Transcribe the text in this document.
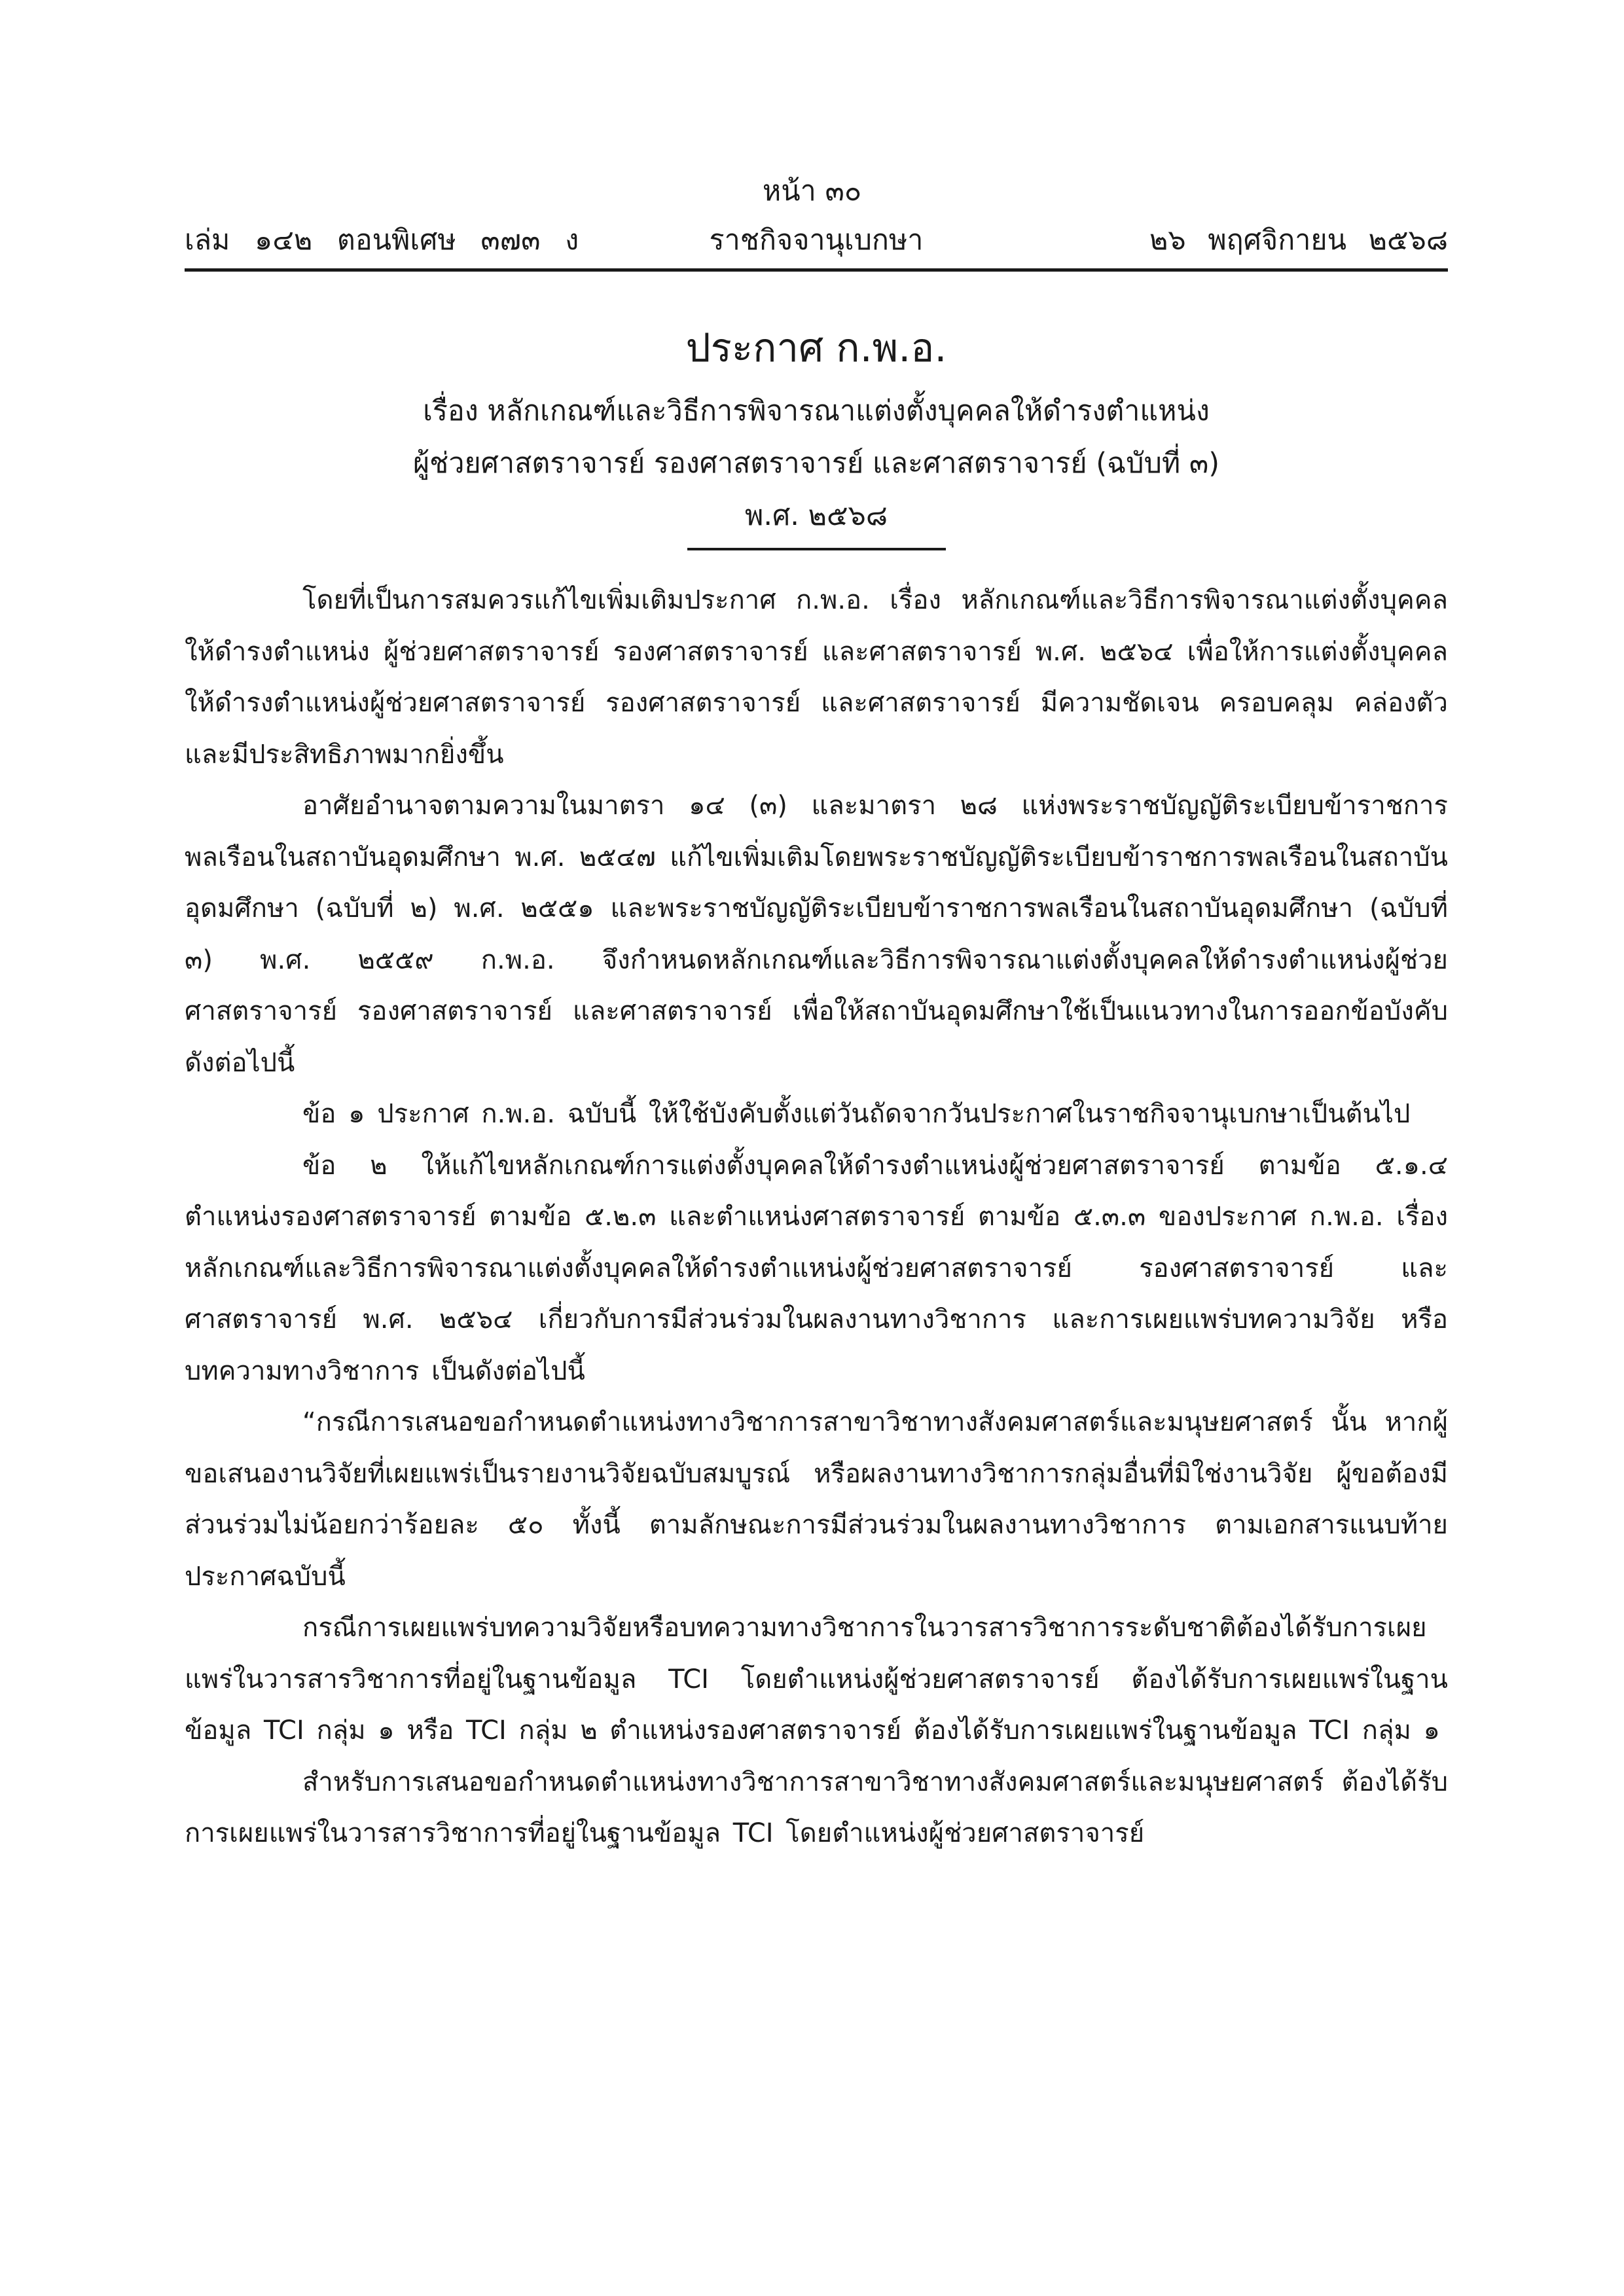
หน้า ๓๐
เล่ม ๑๔๒ ตอนพิเศษ ๓๗๓ ง	ราชกิจจานุเบกษา	๒๖ พฤศจิกายน ๒๕๖๘
ประกาศ ก.พ.อ.
เรื่อง หลักเกณฑ์และวิธีการพิจารณาแต่งตั้งบุคคลให้ดำรงตำแหน่ง
ผู้ช่วยศาสตราจารย์ รองศาสตราจารย์ และศาสตราจารย์ (ฉบับที่ ๓)
พ.ศ. ๒๕๖๘

โดยที่เป็นการสมควรแก้ไขเพิ่มเติมประกาศ ก.พ.อ. เรื่อง หลักเกณฑ์และวิธีการพิจารณาแต่งตั้งบุคคลให้ดำรงตำแหน่ง ผู้ช่วยศาสตราจารย์ รองศาสตราจารย์ และศาสตราจารย์ พ.ศ. ๒๕๖๔ เพื่อให้การแต่งตั้งบุคคลให้ดำรงตำแหน่งผู้ช่วยศาสตราจารย์ รองศาสตราจารย์ และศาสตราจารย์ มีความชัดเจน ครอบคลุม คล่องตัว และมีประสิทธิภาพมากยิ่งขึ้น

อาศัยอำนาจตามความในมาตรา ๑๔ (๓) และมาตรา ๒๘ แห่งพระราชบัญญัติระเบียบข้าราชการพลเรือนในสถาบันอุดมศึกษา พ.ศ. ๒๕๔๗ แก้ไขเพิ่มเติมโดยพระราชบัญญัติระเบียบข้าราชการพลเรือนในสถาบันอุดมศึกษา (ฉบับที่ ๒) พ.ศ. ๒๕๕๑ และพระราชบัญญัติระเบียบข้าราชการพลเรือนในสถาบันอุดมศึกษา (ฉบับที่ ๓) พ.ศ. ๒๕๕๙ ก.พ.อ. จึงกำหนดหลักเกณฑ์และวิธีการพิจารณาแต่งตั้งบุคคลให้ดำรงตำแหน่งผู้ช่วยศาสตราจารย์ รองศาสตราจารย์ และศาสตราจารย์ เพื่อให้สถาบันอุดมศึกษาใช้เป็นแนวทางในการออกข้อบังคับ ดังต่อไปนี้

ข้อ ๑ ประกาศ ก.พ.อ. ฉบับนี้ ให้ใช้บังคับตั้งแต่วันถัดจากวันประกาศในราชกิจจานุเบกษาเป็นต้นไป

ข้อ ๒ ให้แก้ไขหลักเกณฑ์การแต่งตั้งบุคคลให้ดำรงตำแหน่งผู้ช่วยศาสตราจารย์ ตามข้อ ๕.๑.๔ ตำแหน่งรองศาสตราจารย์ ตามข้อ ๕.๒.๓ และตำแหน่งศาสตราจารย์ ตามข้อ ๕.๓.๓ ของประกาศ ก.พ.อ. เรื่อง หลักเกณฑ์และวิธีการพิจารณาแต่งตั้งบุคคลให้ดำรงตำแหน่งผู้ช่วยศาสตราจารย์ รองศาสตราจารย์ และศาสตราจารย์ พ.ศ. ๒๕๖๔ เกี่ยวกับการมีส่วนร่วมในผลงานทางวิชาการ และการเผยแพร่บทความวิจัย หรือบทความทางวิชาการ เป็นดังต่อไปนี้

“กรณีการเสนอขอกำหนดตำแหน่งทางวิชาการสาขาวิชาทางสังคมศาสตร์และมนุษยศาสตร์ นั้น หากผู้ขอเสนองานวิจัยที่เผยแพร่เป็นรายงานวิจัยฉบับสมบูรณ์ หรือผลงานทางวิชาการกลุ่มอื่นที่มิใช่งานวิจัย ผู้ขอต้องมีส่วนร่วมไม่น้อยกว่าร้อยละ ๕๐ ทั้งนี้ ตามลักษณะการมีส่วนร่วมในผลงานทางวิชาการ ตามเอกสารแนบท้ายประกาศฉบับนี้

กรณีการเผยแพร่บทความวิจัยหรือบทความทางวิชาการในวารสารวิชาการระดับชาติต้องได้รับการเผยแพร่ในวารสารวิชาการที่อยู่ในฐานข้อมูล TCI โดยตำแหน่งผู้ช่วยศาสตราจารย์ ต้องได้รับการเผยแพร่ในฐานข้อมูล TCI กลุ่ม ๑ หรือ TCI กลุ่ม ๒ ตำแหน่งรองศาสตราจารย์ ต้องได้รับการเผยแพร่ในฐานข้อมูล TCI กลุ่ม ๑

สำหรับการเสนอขอกำหนดตำแหน่งทางวิชาการสาขาวิชาทางสังคมศาสตร์และมนุษยศาสตร์ ต้องได้รับการเผยแพร่ในวารสารวิชาการที่อยู่ในฐานข้อมูล TCI โดยตำแหน่งผู้ช่วยศาสตราจารย์
